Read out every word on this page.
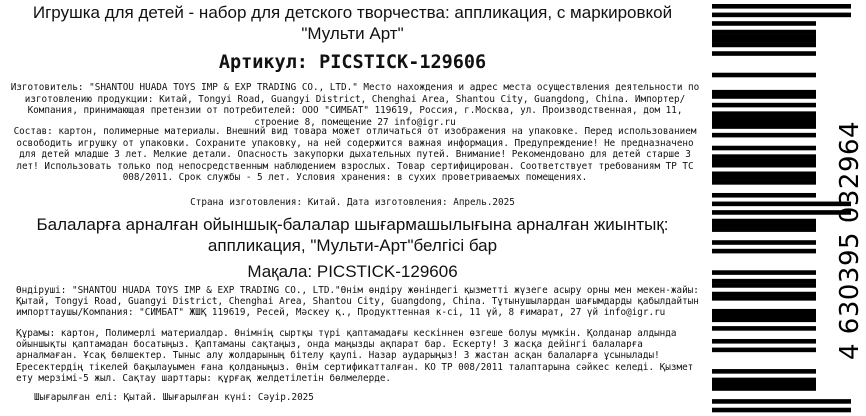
Игрушка для детей - набор для детского творчества: аппликация, с маркировкой "Мульти Арт"
Артикул: PICSTICK-129606
Изготовитель: "SHANTOU HUADA TOYS IMP & EXP TRADING CO., LTD." Место нахождения и адрес места осуществления деятельности по изготовлению продукции: Китай, Tongyi Road, Guangyi District, Chenghai Area, Shantou City, Guangdong, China. Импортер/Компания, принимающая претензии от потребителей: ООО "СИМБАТ" 119619, Россия, г.Москва, ул. Производственная, дом 11, строение 8, помещение 27 info@igr.ru
Состав: картон, полимерные материалы. Внешний вид товара может отличаться от изображения на упаковке. Перед использованием освободить игрушку от упаковки. Сохраните упаковку, на ней содержится важная информация. Предупреждение! Не предназначено для детей младше 3 лет. Мелкие детали. Опасность закупорки дыхательных путей. Внимание! Рекомендовано для детей старше 3 лет! Использовать только под непосредственным наблюдением взрослых. Товар сертифицирован. Соответствует требованиям ТР ТС 008/2011. Срок службы - 5 лет. Условия хранения: в сухих проветриваемых помещениях.
Страна изготовления: Китай. Дата изготовления: Апрель.2025
Балаларға арналған ойыншық-балалар шығармашылығына арналған жиынтық: аппликация, "Мульти-Арт"белгісі бар
Мақала: PICSTICK-129606
Өндіруші: "SHANTOU HUADA TOYS IMP & EXP TRADING CO., LTD."Өнім өндіру жөніндегі қызметті жүзеге асыру орны мен мекен-жайы: Қытай, Tongyi Road, Guangyi District, Chenghai Area, Shantou City, Guangdong, China. Тұтынушылардан шағымдарды қабылдайтын импорттаушы/Компания: "СИМБАТ" ЖШҚ 119619, Ресей, Мәскеу қ., Продукттенная к-сі, 11 үй, 8 ғимарат, 27 үй info@igr.ru
Құрамы: картон, Полимерлі материалдар. Өнімнің сыртқы түрі қаптамадағы кескіннен өзгеше болуы мүмкін. Қолданар алдында ойыншықты қаптамадан босатыңыз. Қаптаманы сақтаңыз, онда маңызды ақпарат бар. Ескерту! 3 жасқа дейінгі балаларға арналмаған. Ұсақ бөлшектер. Тыныс алу жолдарының бітелу қаупі. Назар аударыңыз! 3 жастан асқан балаларға ұсынылады! Ересектердің тікелей бақылауымен ғана қолданыңыз. Өнім сертификатталған. КО ТР 008/2011 талаптарына сәйкес келеді. Қызмет ету мерзімі-5 жыл. Сақтау шарттары: құрғақ желдетілетін бөлмелерде.
Шығарылған елі: Қытай. Шығарылған күні: Сәуір.2025
4 630395 032964
